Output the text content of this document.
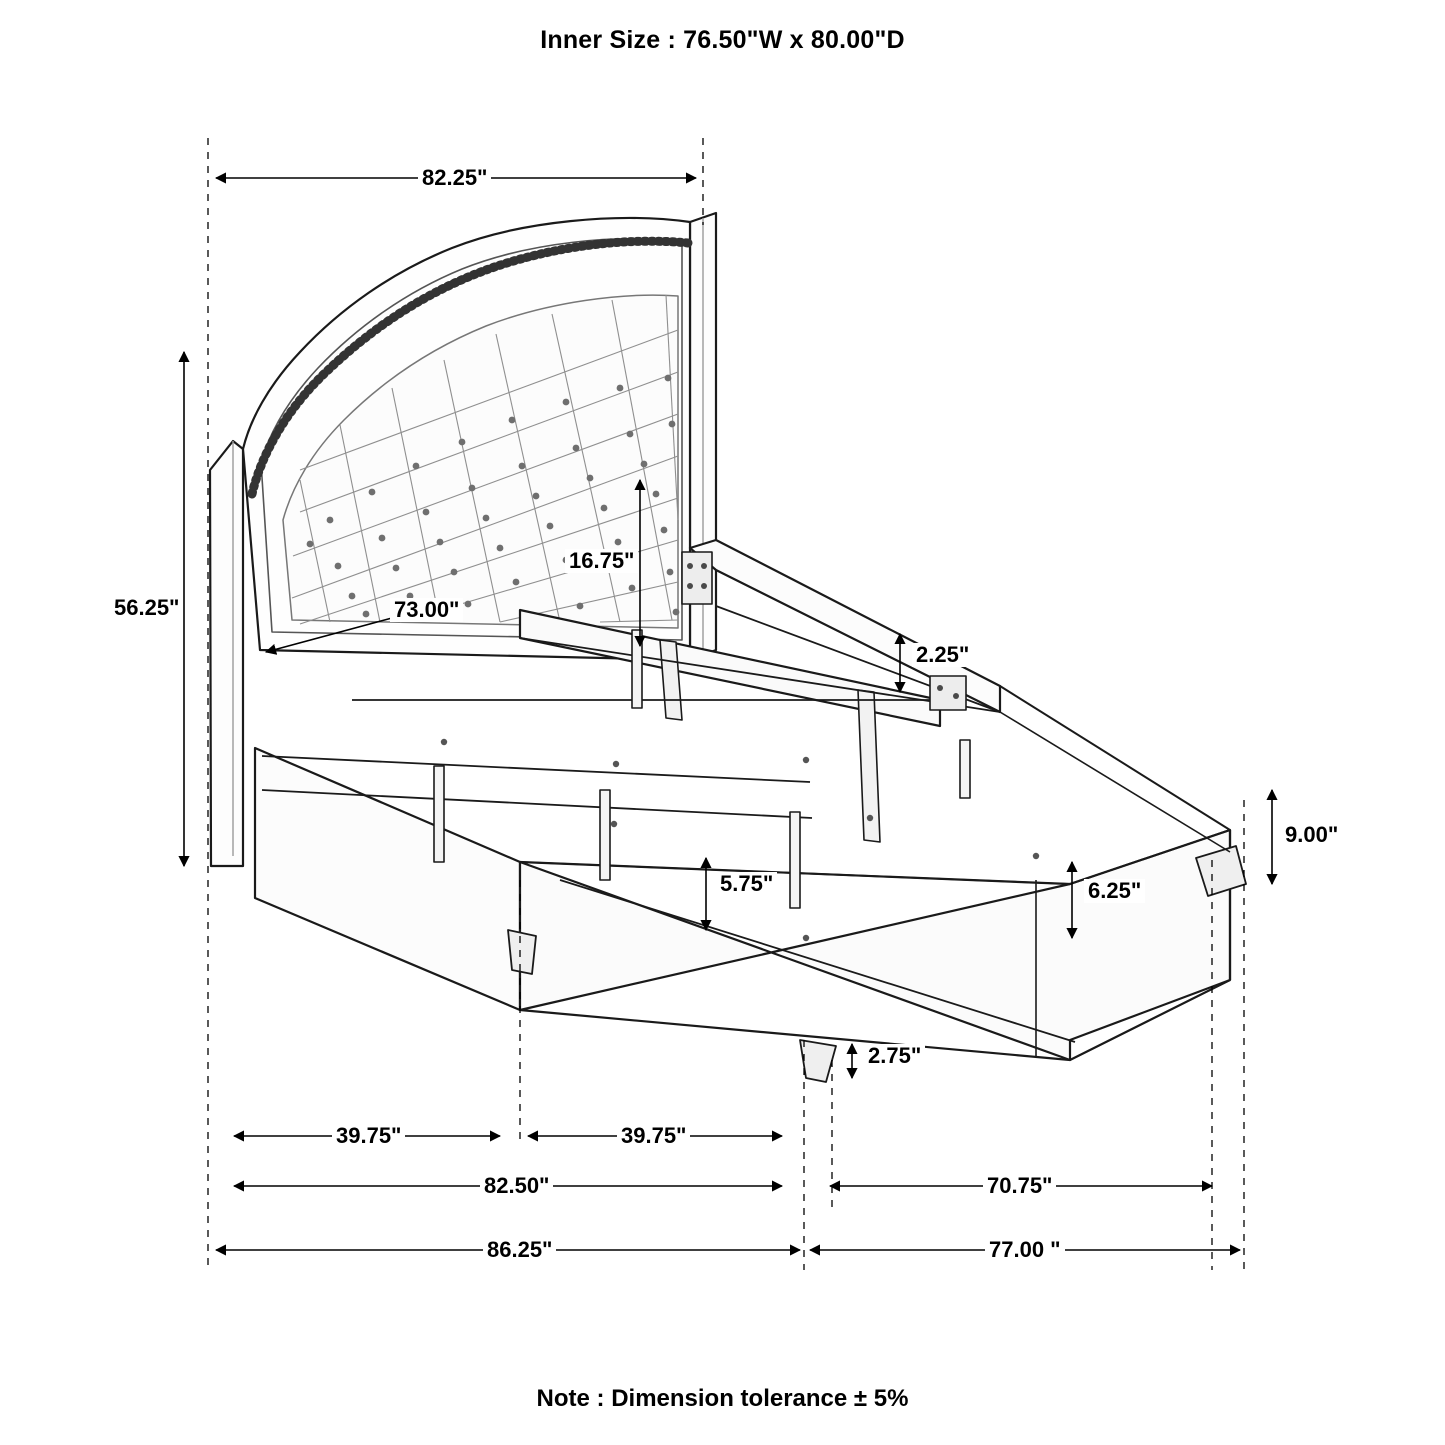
Inner Size : 76.50"W x 80.00"D
82.25"
56.25"	73.00"
16.75"
2.25"
9.00"
5.75"	6.25"
2.75"
39.75"	39.75"
82.50"	70.75"
86.25"	77.00 "
Note : Dimension tolerance ± 5%
